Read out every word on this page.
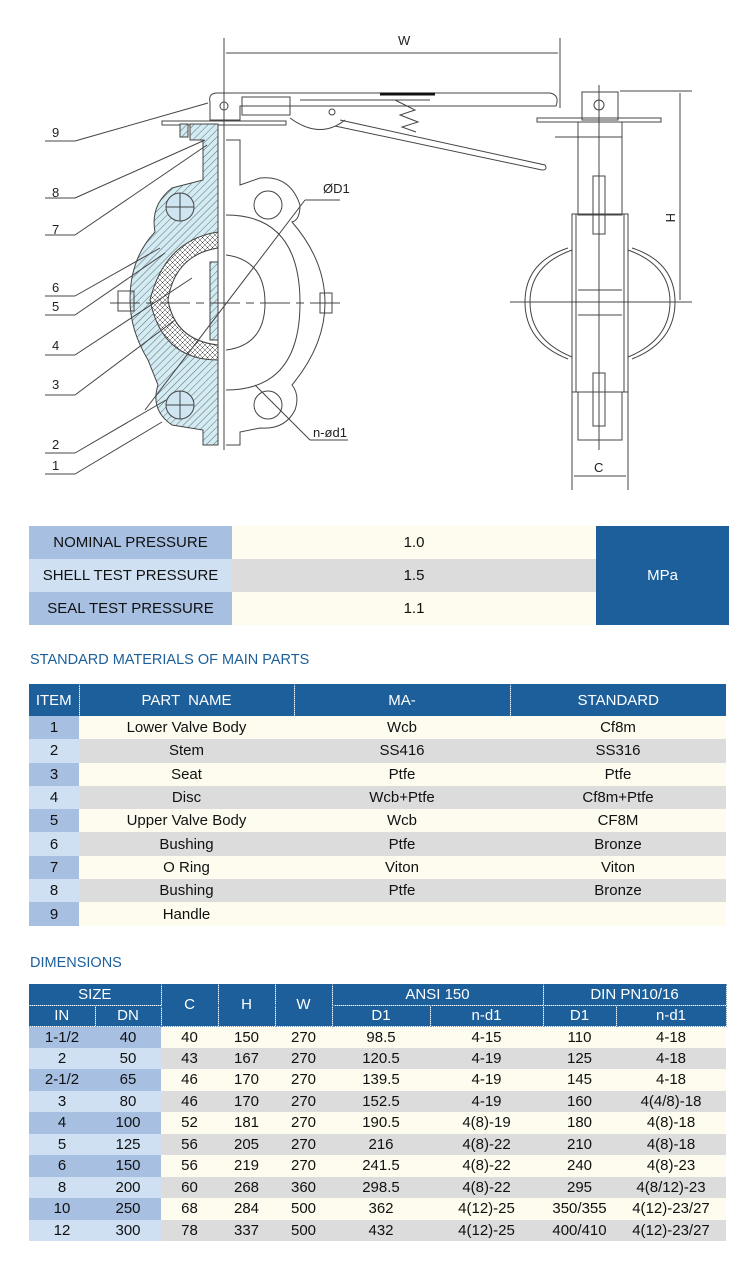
W
ØD1
n-ød1
C
H
9
8
7
6
5
4
3
2
1
NOMINAL PRESSURE	1.0	MPa
SHELL TEST PRESSURE	1.5	
SEAL TEST PRESSURE	1.1	
STANDARD MATERIALS OF MAIN PARTS
ITEM	PART  NAME	MA-	STANDARD
1	Lower Valve Body	Wcb	Cf8m
2	Stem	SS416	SS316
3	Seat	Ptfe	Ptfe
4	Disc	Wcb+Ptfe	Cf8m+Ptfe
5	Upper Valve Body	Wcb	CF8M
6	Bushing	Ptfe	Bronze
7	O Ring	Viton	Viton
8	Bushing	Ptfe	Bronze
9	Handle		
DIMENSIONS
SIZE		C	H	W	ANSI 150		DIN PN10/16	
IN	DN				D1	n-d1	D1	n-d1
1-1/2	40	40	150	270	98.5	4-15	110	4-18
2	50	43	167	270	120.5	4-19	125	4-18
2-1/2	65	46	170	270	139.5	4-19	145	4-18
3	80	46	170	270	152.5	4-19	160	4(4/8)-18
4	100	52	181	270	190.5	4(8)-19	180	4(8)-18
5	125	56	205	270	216	4(8)-22	210	4(8)-18
6	150	56	219	270	241.5	4(8)-22	240	4(8)-23
8	200	60	268	360	298.5	4(8)-22	295	4(8/12)-23
10	250	68	284	500	362	4(12)-25	350/355	4(12)-23/27
12	300	78	337	500	432	4(12)-25	400/410	4(12)-23/27
